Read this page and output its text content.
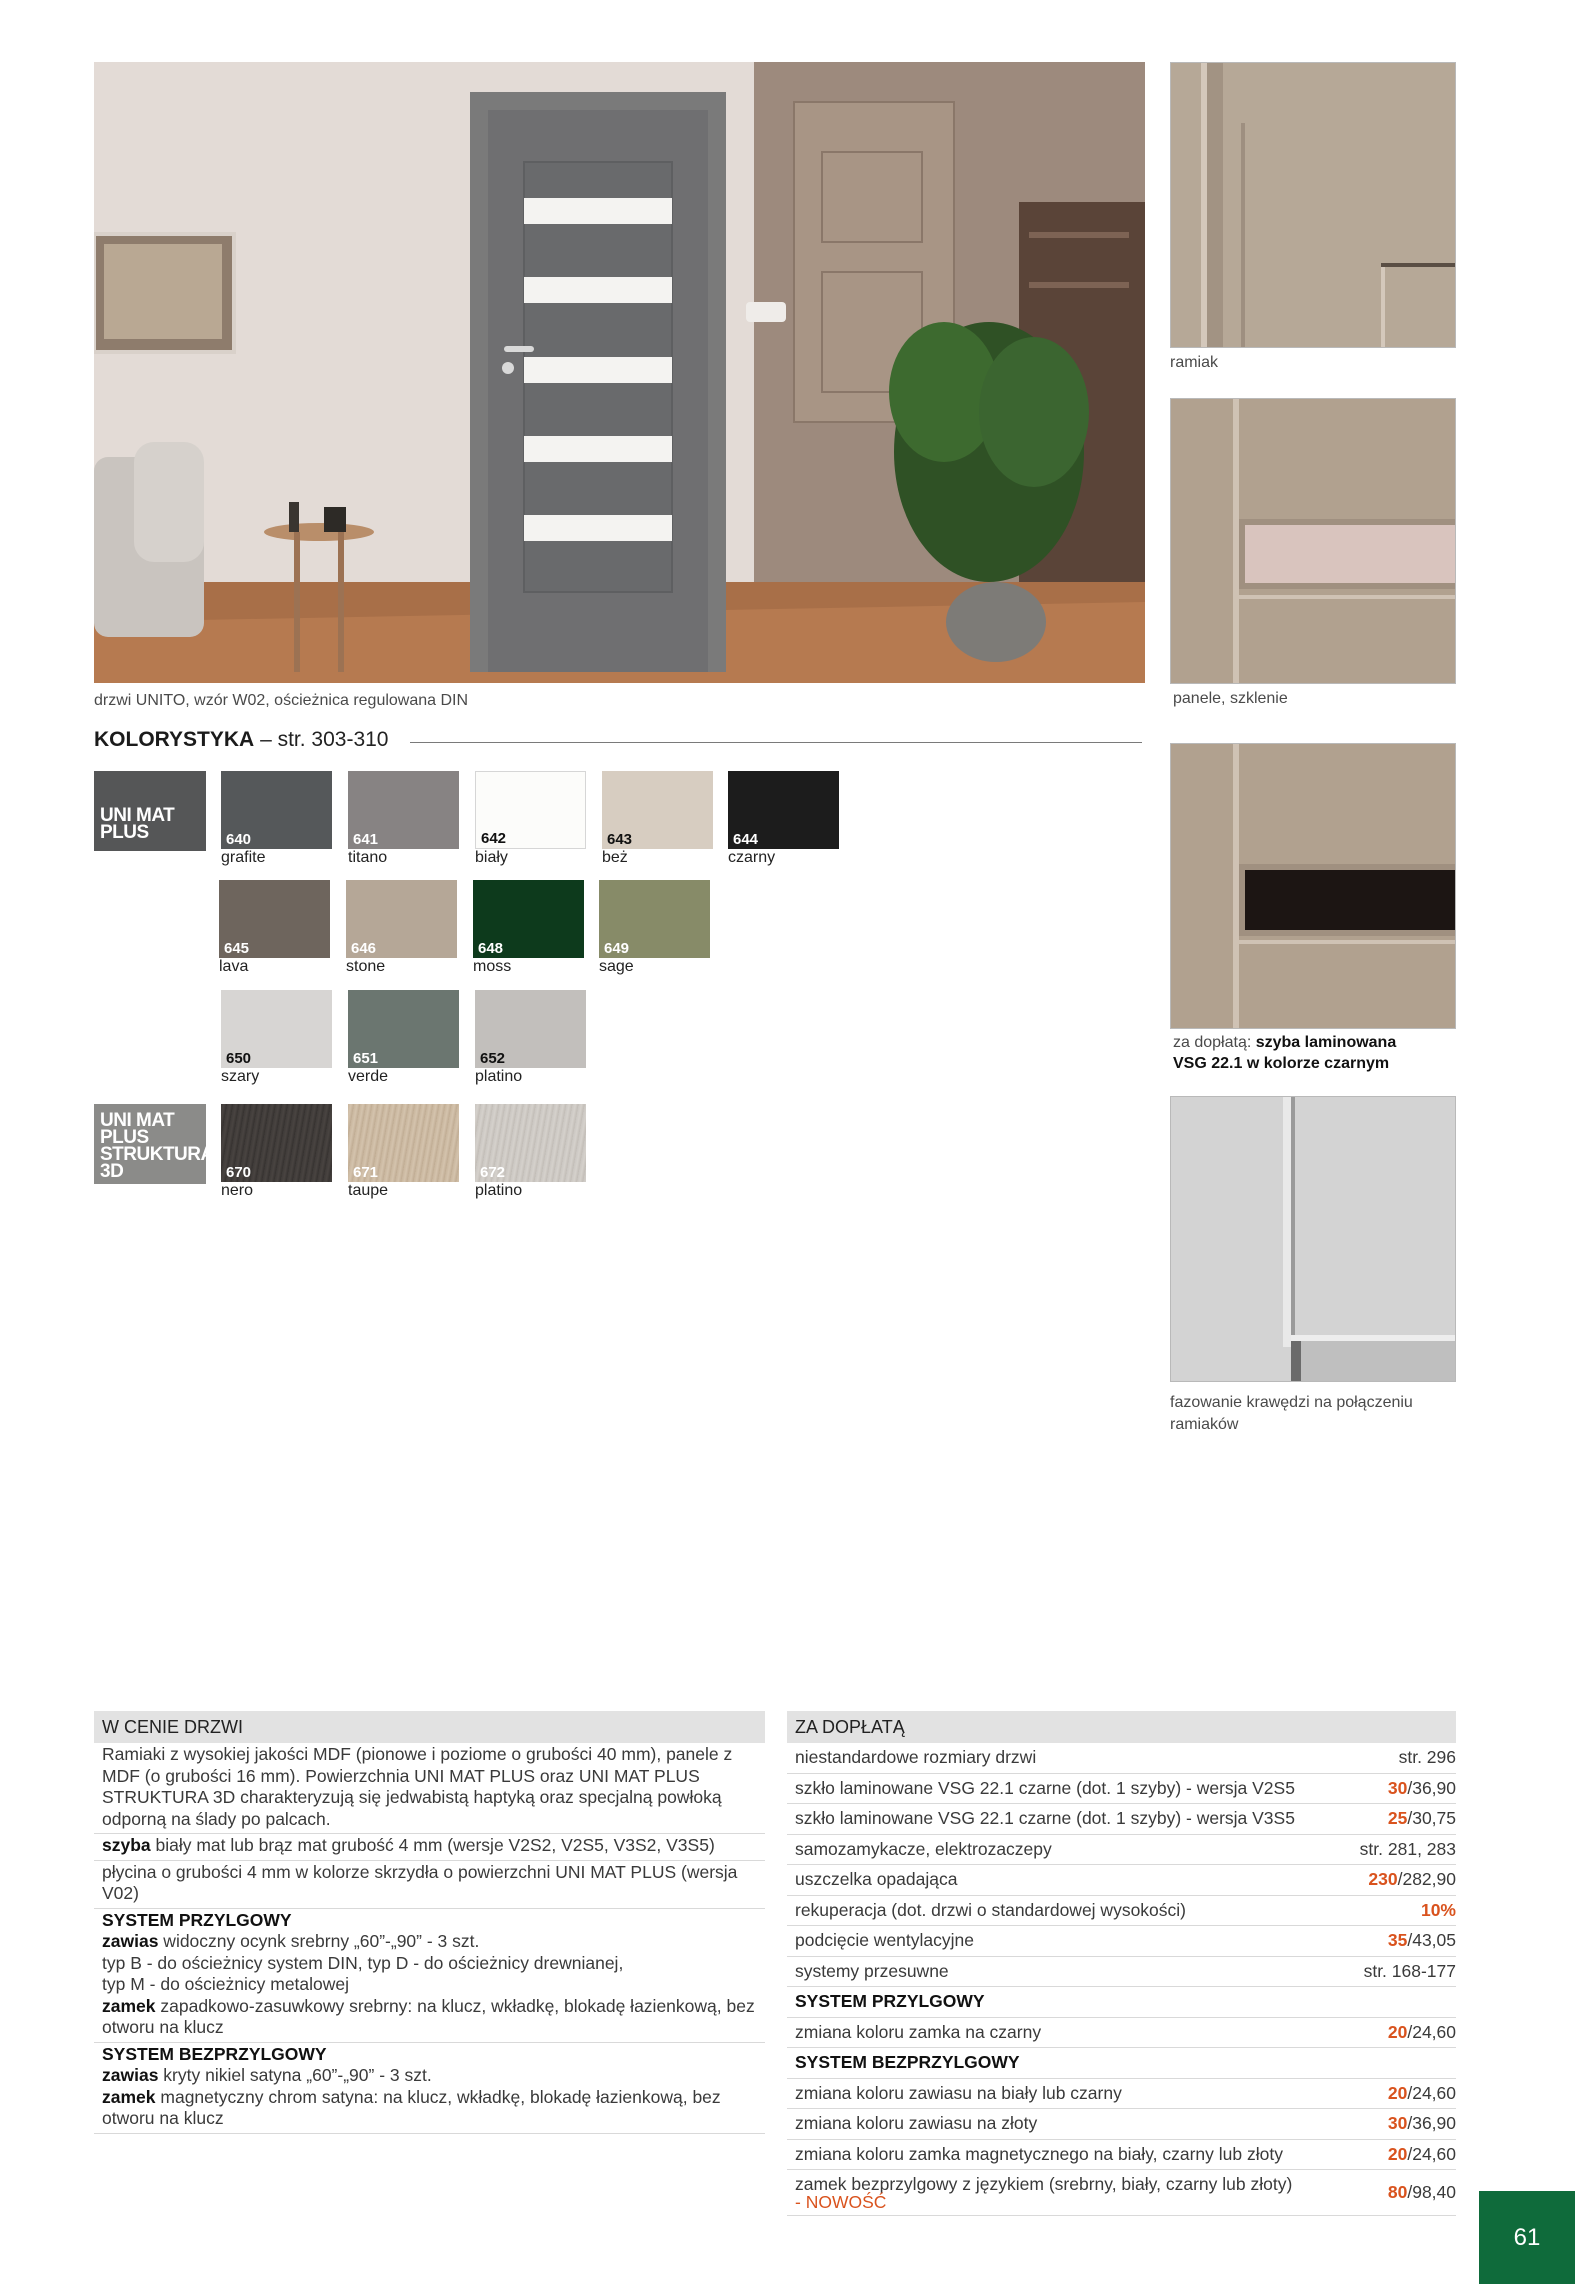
drzwi UNITO, wzór W02, ościeżnica regulowana DIN
ramiak
panele, szklenie
za dopłatą: szyba laminowana
VSG 22.1 w kolorze czarnym
fazowanie krawędzi na połączeniu
ramiaków
KOLORYSTYKA – str. 303-310
UNI MAT
PLUS
UNI MAT
PLUS
STRUKTURA
3D
640
grafite
641
titano
642
biały
643
beż
644
czarny
645
lava
646
stone
648
moss
649
sage
650
szary
651
verde
652
platino
670
nero
671
taupe
672
platino
W CENIE DRZWI
Ramiaki z wysokiej jakości MDF (pionowe i poziome o grubości 40 mm), panele z MDF (o grubości 16 mm). Powierzchnia UNI MAT PLUS oraz UNI MAT PLUS STRUKTURA 3D charakteryzują się jedwabistą haptyką oraz specjalną powłoką odporną na ślady po palcach.
szyba biały mat lub brąz mat grubość 4 mm (wersje V2S2, V2S5, V3S2, V3S5)
płycina o grubości 4 mm w kolorze skrzydła o powierzchni UNI MAT PLUS (wersja V02)
SYSTEM PRZYLGOWY
zawias widoczny ocynk srebrny „60”-„90” - 3 szt.
typ B - do ościeżnicy system DIN, typ D - do ościeżnicy drewnianej,
typ M - do ościeżnicy metalowej
zamek zapadkowo-zasuwkowy srebrny: na klucz, wkładkę, blokadę łazienkową, bez otworu na klucz
SYSTEM BEZPRZYLGOWY
zawias kryty nikiel satyna „60”-„90” - 3 szt.
zamek magnetyczny chrom satyna: na klucz, wkładkę, blokadę łazienkową, bez otworu na klucz
ZA DOPŁATĄ
niestandardowe rozmiary drzwi	str. 296
szkło laminowane VSG 22.1 czarne (dot. 1 szyby) - wersja V2S5	30/36,90
szkło laminowane VSG 22.1 czarne (dot. 1 szyby) - wersja V3S5	25/30,75
samozamykacze, elektrozaczepy	str. 281, 283
uszczelka opadająca	230/282,90
rekuperacja (dot. drzwi o standardowej wysokości)	10%
podcięcie wentylacyjne	35/43,05
systemy przesuwne	str. 168-177
SYSTEM PRZYLGOWY
zmiana koloru zamka na czarny	20/24,60
SYSTEM BEZPRZYLGOWY
zmiana koloru zawiasu na biały lub czarny	20/24,60
zmiana koloru zawiasu na złoty	30/36,90
zmiana koloru zamka magnetycznego na biały, czarny lub złoty	20/24,60
zamek bezprzylgowy z językiem (srebrny, biały, czarny lub złoty)
- NOWOŚĆ	80/98,40
61
